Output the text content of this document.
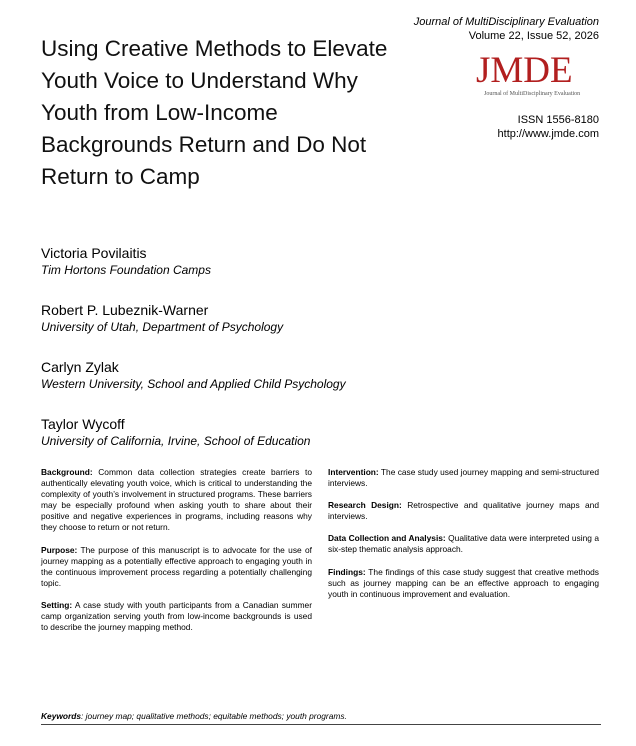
Using Creative Methods to Elevate Youth Voice to Understand Why Youth from Low-Income Backgrounds Return and Do Not Return to Camp
Journal of MultiDisciplinary Evaluation
Volume 22, Issue 52, 2026
JMDE
Journal of MultiDisciplinary Evaluation
ISSN 1556-8180
http://www.jmde.com
Victoria Povilaitis
Tim Hortons Foundation Camps
Robert P. Lubeznik-Warner
University of Utah, Department of Psychology
Carlyn Zylak
Western University, School and Applied Child Psychology
Taylor Wycoff
University of California, Irvine, School of Education

Background: Common data collection strategies create barriers to authentically elevating youth voice, which is critical to understanding the complexity of youth’s involvement in structured programs. These barriers may be especially profound when asking youth to share about their positive and negative experiences in programs, including reasons why they choose to return or not return.

Purpose: The purpose of this manuscript is to advocate for the use of journey mapping as a potentially effective approach to engaging youth in the continuous improvement process regarding a potentially challenging topic.

Setting: A case study with youth participants from a Canadian summer camp organization serving youth from low-income backgrounds is used to describe the journey mapping method.

Intervention: The case study used journey mapping and semi-structured interviews.

Research Design: Retrospective and qualitative journey maps and interviews.

Data Collection and Analysis: Qualitative data were interpreted using a six-step thematic analysis approach.

Findings: The findings of this case study suggest that creative methods such as journey mapping can be an effective approach to engaging youth in continuous improvement and evaluation.

Keywords: journey map; qualitative methods; equitable methods; youth programs.
